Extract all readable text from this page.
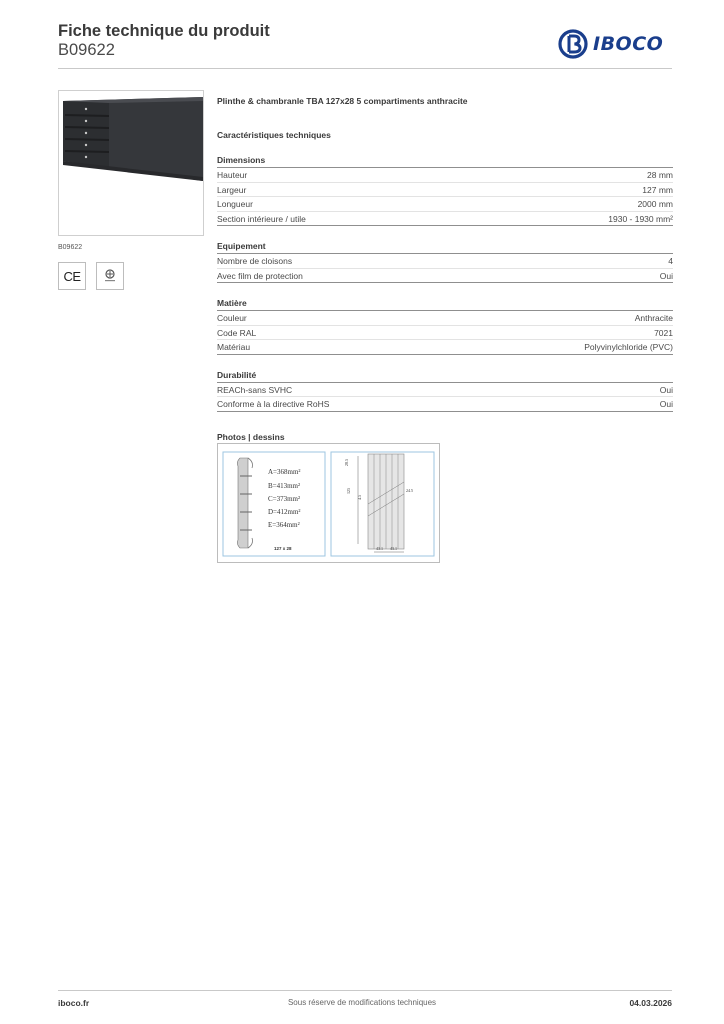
Fiche technique du produit
B09622	IBOCO
B09622
CE
Plinthe & chambranle TBA 127x28 5 compartiments anthracite
Caractéristiques techniques
Dimensions
Hauteur	28 mm
Largeur	127 mm
Longueur	2000 mm
Section intérieure / utile	1930 - 1930 mm²
Equipement
Nombre de cloisons	4
Avec film de protection	Oui
Matière
Couleur	Anthracite
Code RAL	7021
Matériau	Polyvinylchloride (PVC)
Durabilité
REACh-sans SVHC	Oui
Conforme à la directive RoHS	Oui
Photos | dessins
A=368mm²
B=413mm²
C=373mm²
D=412mm²
E=364mm²
127 x 28
28.5
125
4.5
24.5
43.1 43.1
iboco.fr	Sous réserve de modifications techniques	04.03.2026
